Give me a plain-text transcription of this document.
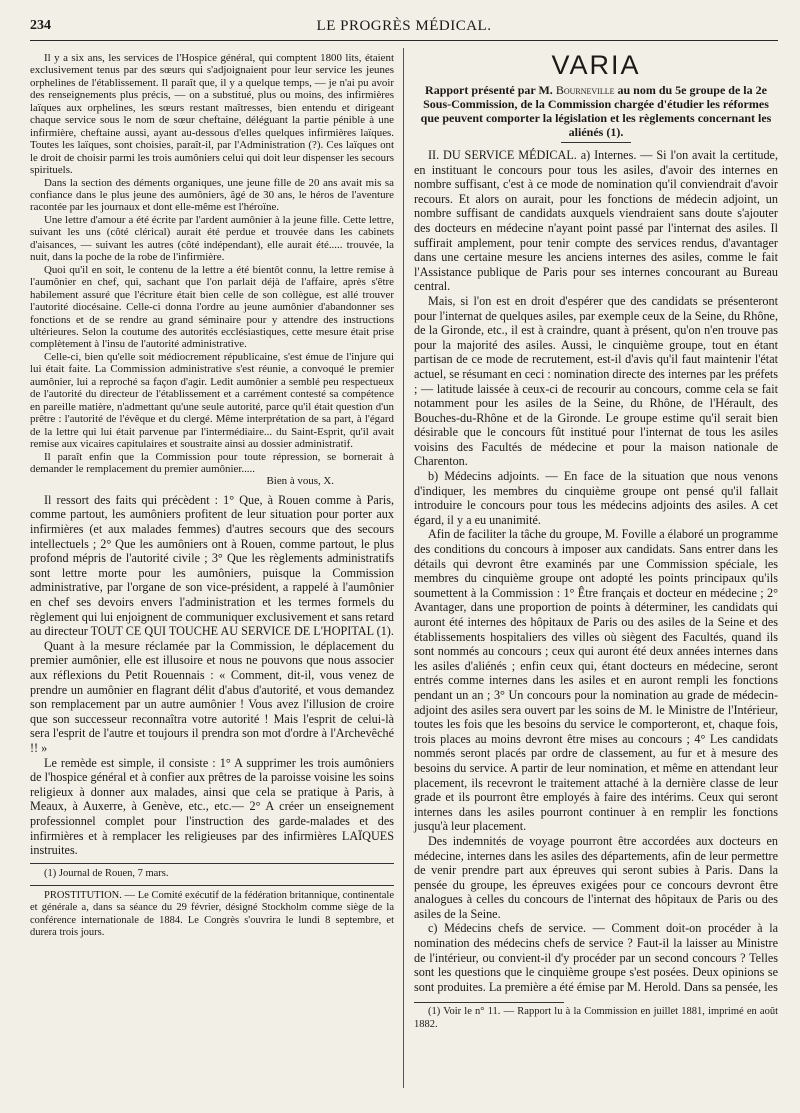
234	LE PROGRÈS MÉDICAL.

Il y a six ans, les services de l'Hospice général, qui comptent 1800 lits, étaient exclusivement tenus par des sœurs qui s'adjoignaient pour leur service les jeunes orphelines de l'établissement. Il paraît que, il y a quelque temps, — je n'ai pu avoir des renseignements plus précis, — on a substitué, plus ou moins, des infirmières laïques aux orphelines, les sœurs restant maîtresses, bien entendu et dirigeant chaque service sous le nom de sœur cheftaine, déléguant la partie pénible à une infirmière, cheftaine aussi, ayant au-dessous d'elles quelques infirmières laïques. Toutes les laïques, sont choisies, paraît-il, par l'Administration (?). Ces laïques ont le droit de choisir parmi les trois aumôniers celui qui doit leur dispenser les secours spirituels.

Dans la section des déments organiques, une jeune fille de 20 ans avait mis sa confiance dans le plus jeune des aumôniers, âgé de 30 ans, le héros de l'aventure racontée par les journaux et dont elle-même est l'héroïne.

Une lettre d'amour a été écrite par l'ardent aumônier à la jeune fille. Cette lettre, suivant les uns (côté clérical) aurait été perdue et trouvée dans les cabinets d'aisances, — suivant les autres (côté indépendant), elle aurait été..... trouvée, la nuit, dans la poche de la robe de l'infirmière.

Quoi qu'il en soit, le contenu de la lettre a été bientôt connu, la lettre remise à l'aumônier en chef, qui, sachant que l'on parlait déjà de l'affaire, après s'être habilement assuré que l'écriture était bien celle de son collègue, est allé trouver l'autorité diocésaine. Celle-ci donna l'ordre au jeune aumônier d'abandonner ses fonctions et de se rendre au grand séminaire pour y attendre des instructions ultérieures. Selon la coutume des autorités ecclésiastiques, cette mesure était prise complètement à l'insu de l'autorité administrative.

Celle-ci, bien qu'elle soit médiocrement républicaine, s'est émue de l'injure qui lui était faite. La Commission administrative s'est réunie, a convoqué le premier aumônier, lui a reproché sa façon d'agir. Ledit aumônier a semblé peu respectueux de l'autorité du directeur de l'établissement et a carrément contesté sa compétence en pareille matière, n'admettant qu'une seule autorité, parce qu'il était question d'un prêtre : l'autorité de l'évêque et du clergé. Même interprétation de sa part, à l'égard de la lettre qui lui était parvenue par l'intermédiaire... du Saint-Esprit, qu'il avait remise aux vicaires capitulaires et soustraite ainsi au dossier administratif.

Il paraît enfin que la Commission pour toute répression, se bornerait à demander le remplacement du premier aumônier.....

Bien à vous, X.

Il ressort des faits qui précèdent : 1° Que, à Rouen comme à Paris, comme partout, les aumôniers profitent de leur situation pour porter aux infirmières (et aux malades femmes) d'autres secours que des secours intellectuels ; 2° Que les aumôniers ont à Rouen, comme partout, le plus profond mépris de l'autorité civile ; 3° Que les règlements administratifs sont lettre morte pour les aumôniers, puisque la Commission administrative, par l'organe de son vice-président, a rappelé à l'aumônier en chef ses devoirs envers l'administration et les termes formels du règlement qui lui enjoignent de communiquer exclusivement et sans retard au directeur TOUT CE QUI TOUCHE AU SERVICE DE L'HOPITAL (1).

Quant à la mesure réclamée par la Commission, le déplacement du premier aumônier, elle est illusoire et nous ne pouvons que nous associer aux réflexions du Petit Rouennais : « Comment, dit-il, vous venez de prendre un aumônier en flagrant délit d'abus d'autorité, et vous demandez son remplacement par un autre aumônier ! Vous avez l'illusion de croire que son successeur reconnaîtra votre autorité ! Mais l'esprit de celui-là sera l'esprit de l'autre et toujours il prendra son mot d'ordre à l'Archevêché !! »

Le remède est simple, il consiste : 1° A supprimer les trois aumôniers de l'hospice général et à confier aux prêtres de la paroisse voisine les soins religieux à donner aux malades, ainsi que cela se pratique à Paris, à Meaux, à Auxerre, à Genève, etc., etc.— 2° A créer un enseignement professionnel complet pour l'instruction des garde-malades et des infirmières et à remplacer les religieuses par des infirmières LAÏQUES instruites.

(1) Journal de Rouen, 7 mars.

PROSTITUTION. — Le Comité exécutif de la fédération britannique, continentale et générale a, dans sa séance du 29 février, désigné Stockholm comme siège de la conférence internationale de 1884. Le Congrès s'ouvrira le lundi 8 septembre, et durera trois jours.

VARIA

Rapport présenté par M. Bourneville au nom du 5e groupe de la 2e Sous-Commission, de la Commission chargée d'étudier les réformes que peuvent comporter la législation et les règlements concernant les aliénés (1).

II. DU SERVICE MÉDICAL. a) Internes. — Si l'on avait la certitude, en instituant le concours pour tous les asiles, d'avoir des internes en nombre suffisant, c'est à ce mode de nomination qu'il conviendrait d'avoir recours. Et alors on aurait, pour les fonctions de médecin adjoint, un nombre suffisant de candidats auxquels viendraient sans doute s'ajouter des docteurs en médecine n'ayant point passé par l'internat des asiles. Il suffirait amplement, pour tenir compte des services rendus, d'avantager dans une certaine mesure les anciens internes des asiles, comme le fait l'Assistance publique de Paris pour ses internes concourant au Bureau central.

Mais, si l'on est en droit d'espérer que des candidats se présenteront pour l'internat de quelques asiles, par exemple ceux de la Seine, du Rhône, de la Gironde, etc., il est à craindre, quant à présent, qu'on n'en trouve pas pour la majorité des asiles. Aussi, le cinquième groupe, tout en étant partisan de ce mode de recrutement, est-il d'avis qu'il faut maintenir l'état actuel, se résumant en ceci : nomination directe des internes par les préfets ; — latitude laissée à ceux-ci de recourir au concours, comme cela se fait notamment pour les asiles de la Seine, du Rhône, de l'Hérault, des Bouches-du-Rhône et de la Gironde. Le groupe estime qu'il serait bien désirable que le concours fût institué pour l'internat de tous les asiles voisins des Facultés de médecine et pour la maison nationale de Charenton.

b) Médecins adjoints. — En face de la situation que nous venons d'indiquer, les membres du cinquième groupe ont pensé qu'il fallait introduire le concours pour tous les médecins adjoints des asiles. A cet égard, il y a eu unanimité.

Afin de faciliter la tâche du groupe, M. Foville a élaboré un programme des conditions du concours à imposer aux candidats. Sans entrer dans les détails qui devront être examinés par une Commission spéciale, les membres du cinquième groupe ont adopté les points principaux qu'ils soumettent à la Commission : 1° Être français et docteur en médecine ; 2° Avantager, dans une proportion de points à déterminer, les candidats qui auront été internes des hôpitaux de Paris ou des asiles de la Seine et des établissements hospitaliers des villes où siègent des Facultés, quand ils sont nommés au concours ; ceux qui auront été deux années internes dans les asiles d'aliénés ; enfin ceux qui, étant docteurs en médecine, seront entrés comme internes dans les asiles et en auront rempli les fonctions pendant un an ; 3° Un concours pour la nomination au grade de médecin-adjoint des asiles sera ouvert par les soins de M. le Ministre de l'Intérieur, toutes les fois que les besoins du service le comporteront, et, chaque fois, trois places au moins devront être mises au concours ; 4° Les candidats nommés seront placés par ordre de classement, au fur et à mesure des besoins du service. A partir de leur nomination, et même en attendant leur placement, ils recevront le traitement attaché à la dernière classe de leur grade et ils pourront être employés à faire des intérims. Ceux qui seront internes dans les asiles pourront continuer à en remplir les fonctions jusqu'à leur placement.

Des indemnités de voyage pourront être accordées aux docteurs en médecine, internes dans les asiles des départements, afin de leur permettre de venir prendre part aux épreuves qui seront subies à Paris. Dans la pensée du groupe, les épreuves exigées pour ce concours devront être analogues à celles du concours de l'internat des hôpitaux de Paris ou des asiles de la Seine.

c) Médecins chefs de service. — Comment doit-on procéder à la nomination des médecins chefs de service ? Faut-il la laisser au Ministre de l'intérieur, ou convient-il d'y procéder par un second concours ? Telles sont les questions que le cinquième groupe s'est posées. Deux opinions se sont produites. La première a été émise par M. Herold. Dans sa pensée, les

(1) Voir le n° 11. — Rapport lu à la Commission en juillet 1881, imprimé en août 1882.
